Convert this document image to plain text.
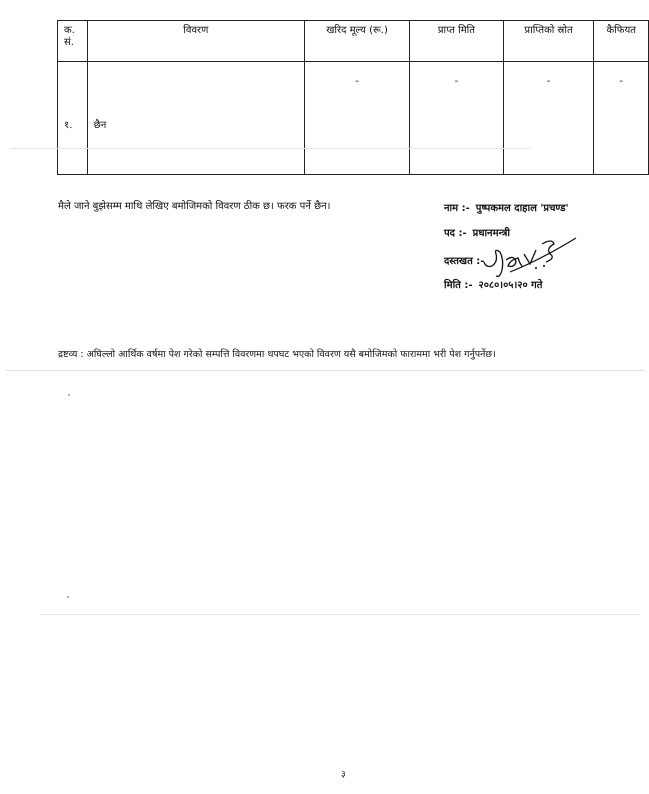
क.
सं.	विवरण	खरिद मूल्य (रू.)	प्राप्त मिति	प्राप्तिको स्रोत	कैफियत

१.	छैन	-	-	-	-
मैले जाने बुझेसम्म माथि लेखिए बमोजिमको विवरण ठीक छ। फरक पर्ने छैन।	नाम :- पुष्पकमल दाहाल 'प्रचण्ड'
पद :- प्रधानमन्त्री
दस्तखत :-
मिति :- २०८०।०५।२० गते
द्रष्टव्य : अघिल्लो आर्थिक वर्षमा पेश गरेको सम्पत्ति विवरणमा थपघट भएको विवरण यसै बमोजिमको फाराममा भरी पेश गर्नुपर्नेछ।
३
